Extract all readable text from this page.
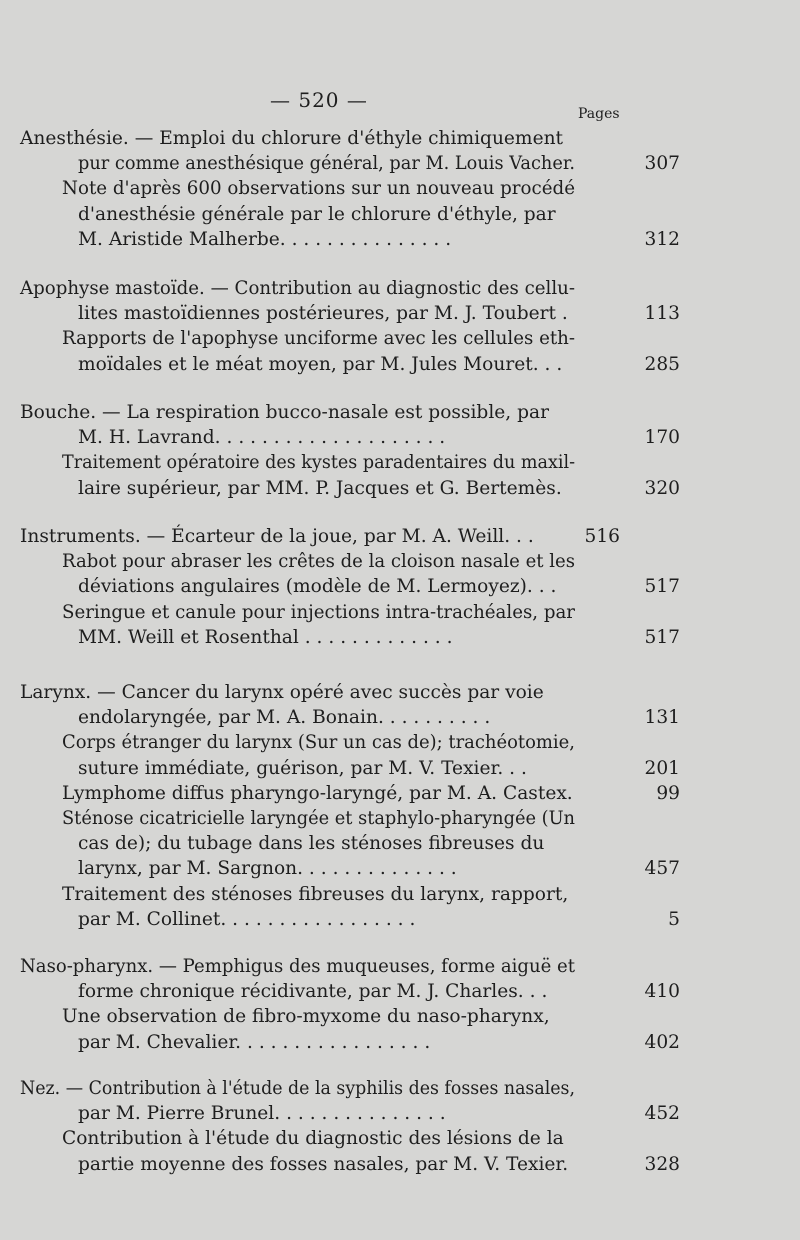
— 520 —
Pages
Anesthésie. — Emploi du chlorure d'éthyle chimiquement
pur comme anesthésique général, par M. Louis Vacher.	307
Note d'après 600 observations sur un nouveau procédé
d'anesthésie générale par le chlorure d'éthyle, par
M. Aristide Malherbe. . . . . . . . . . . . . . .	312
Apophyse mastoïde. — Contribution au diagnostic des cellu-
lites mastoïdiennes postérieures, par M. J. Toubert .	113
Rapports de l'apophyse unciforme avec les cellules eth-
moïdales et le méat moyen, par M. Jules Mouret. . .	285
Bouche. — La respiration bucco-nasale est possible, par
M. H. Lavrand. . . . . . . . . . . . . . . . . . . .	170
Traitement opératoire des kystes paradentaires du maxil-
laire supérieur, par MM. P. Jacques et G. Bertemès.	320
Instruments. — Écarteur de la joue, par M. A. Weill. . .	516
Rabot pour abraser les crêtes de la cloison nasale et les
déviations angulaires (modèle de M. Lermoyez). . .	517
Seringue et canule pour injections intra-trachéales, par
MM. Weill et Rosenthal . . . . . . . . . . . . .	517
Larynx. — Cancer du larynx opéré avec succès par voie
endolaryngée, par M. A. Bonain. . . . . . . . . .	131
Corps étranger du larynx (Sur un cas de); trachéotomie,
suture immédiate, guérison, par M. V. Texier. . .	201
Lymphome diffus pharyngo-laryngé, par M. A. Castex.	99
Sténose cicatricielle laryngée et staphylo-pharyngée (Un
cas de); du tubage dans les sténoses fibreuses du
larynx, par M. Sargnon. . . . . . . . . . . . . .	457
Traitement des sténoses fibreuses du larynx, rapport,
par M. Collinet. . . . . . . . . . . . . . . . .	5
Naso-pharynx. — Pemphigus des muqueuses, forme aiguë et
forme chronique récidivante, par M. J. Charles. . .	410
Une observation de fibro-myxome du naso-pharynx,
par M. Chevalier. . . . . . . . . . . . . . . . .	402
Nez. — Contribution à l'étude de la syphilis des fosses nasales,
par M. Pierre Brunel. . . . . . . . . . . . . . .	452
Contribution à l'étude du diagnostic des lésions de la
partie moyenne des fosses nasales, par M. V. Texier.	328
